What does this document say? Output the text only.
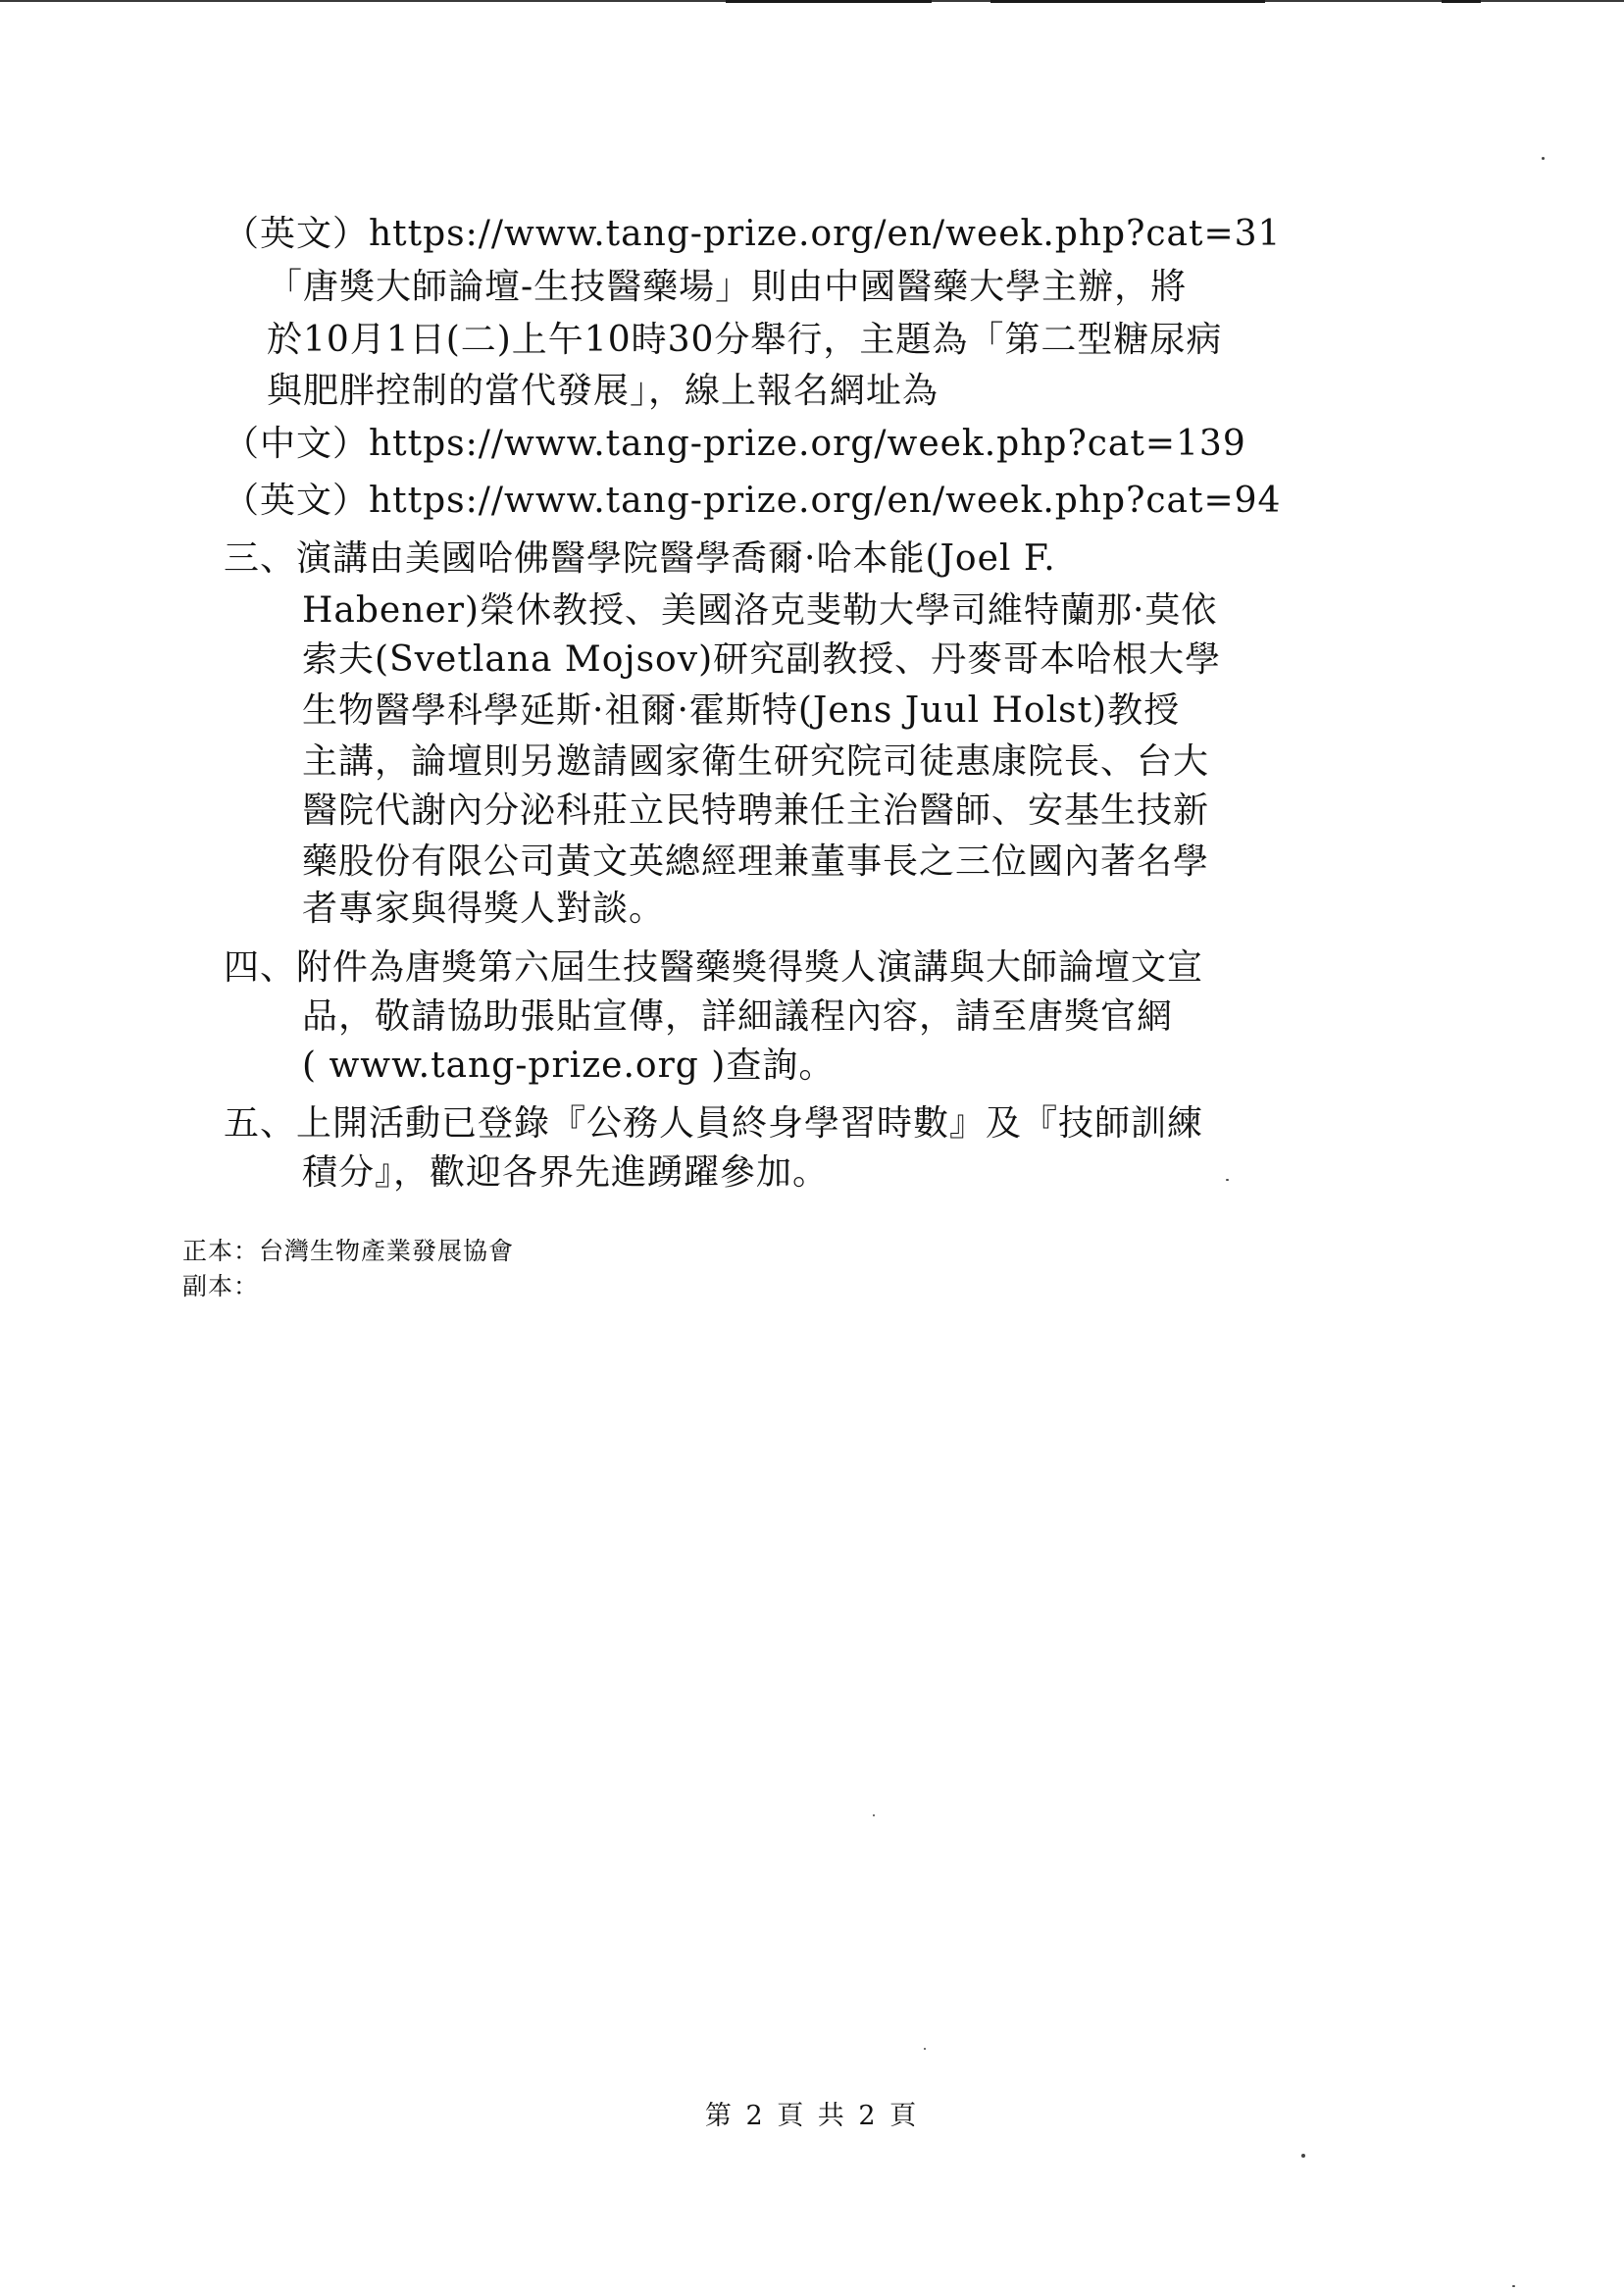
（英文）https://www.tang-prize.org/en/week.php?cat=31
「唐獎大師論壇-生技醫藥場」則由中國醫藥大學主辦，將
於10月1日(二)上午10時30分舉行，主題為「第二型糖尿病
與肥胖控制的當代發展」，線上報名網址為
（中文）https://www.tang-prize.org/week.php?cat=139
（英文）https://www.tang-prize.org/en/week.php?cat=94
三、演講由美國哈佛醫學院醫學喬爾·哈本能(Joel F.
Habener)榮休教授、美國洛克斐勒大學司維特蘭那·莫依
索夫(Svetlana Mojsov)研究副教授、丹麥哥本哈根大學
生物醫學科學延斯·祖爾·霍斯特(Jens Juul Holst)教授
主講，論壇則另邀請國家衛生研究院司徒惠康院長、台大
醫院代謝內分泌科莊立民特聘兼任主治醫師、安基生技新
藥股份有限公司黃文英總經理兼董事長之三位國內著名學
者專家與得獎人對談。
四、附件為唐獎第六屆生技醫藥獎得獎人演講與大師論壇文宣
品，敬請協助張貼宣傳，詳細議程內容，請至唐獎官網
( www.tang-prize.org )查詢。
五、上開活動已登錄『公務人員終身學習時數』及『技師訓練
積分』，歡迎各界先進踴躍參加。
正本：台灣生物產業發展協會
副本：
第 2 頁 共 2 頁
